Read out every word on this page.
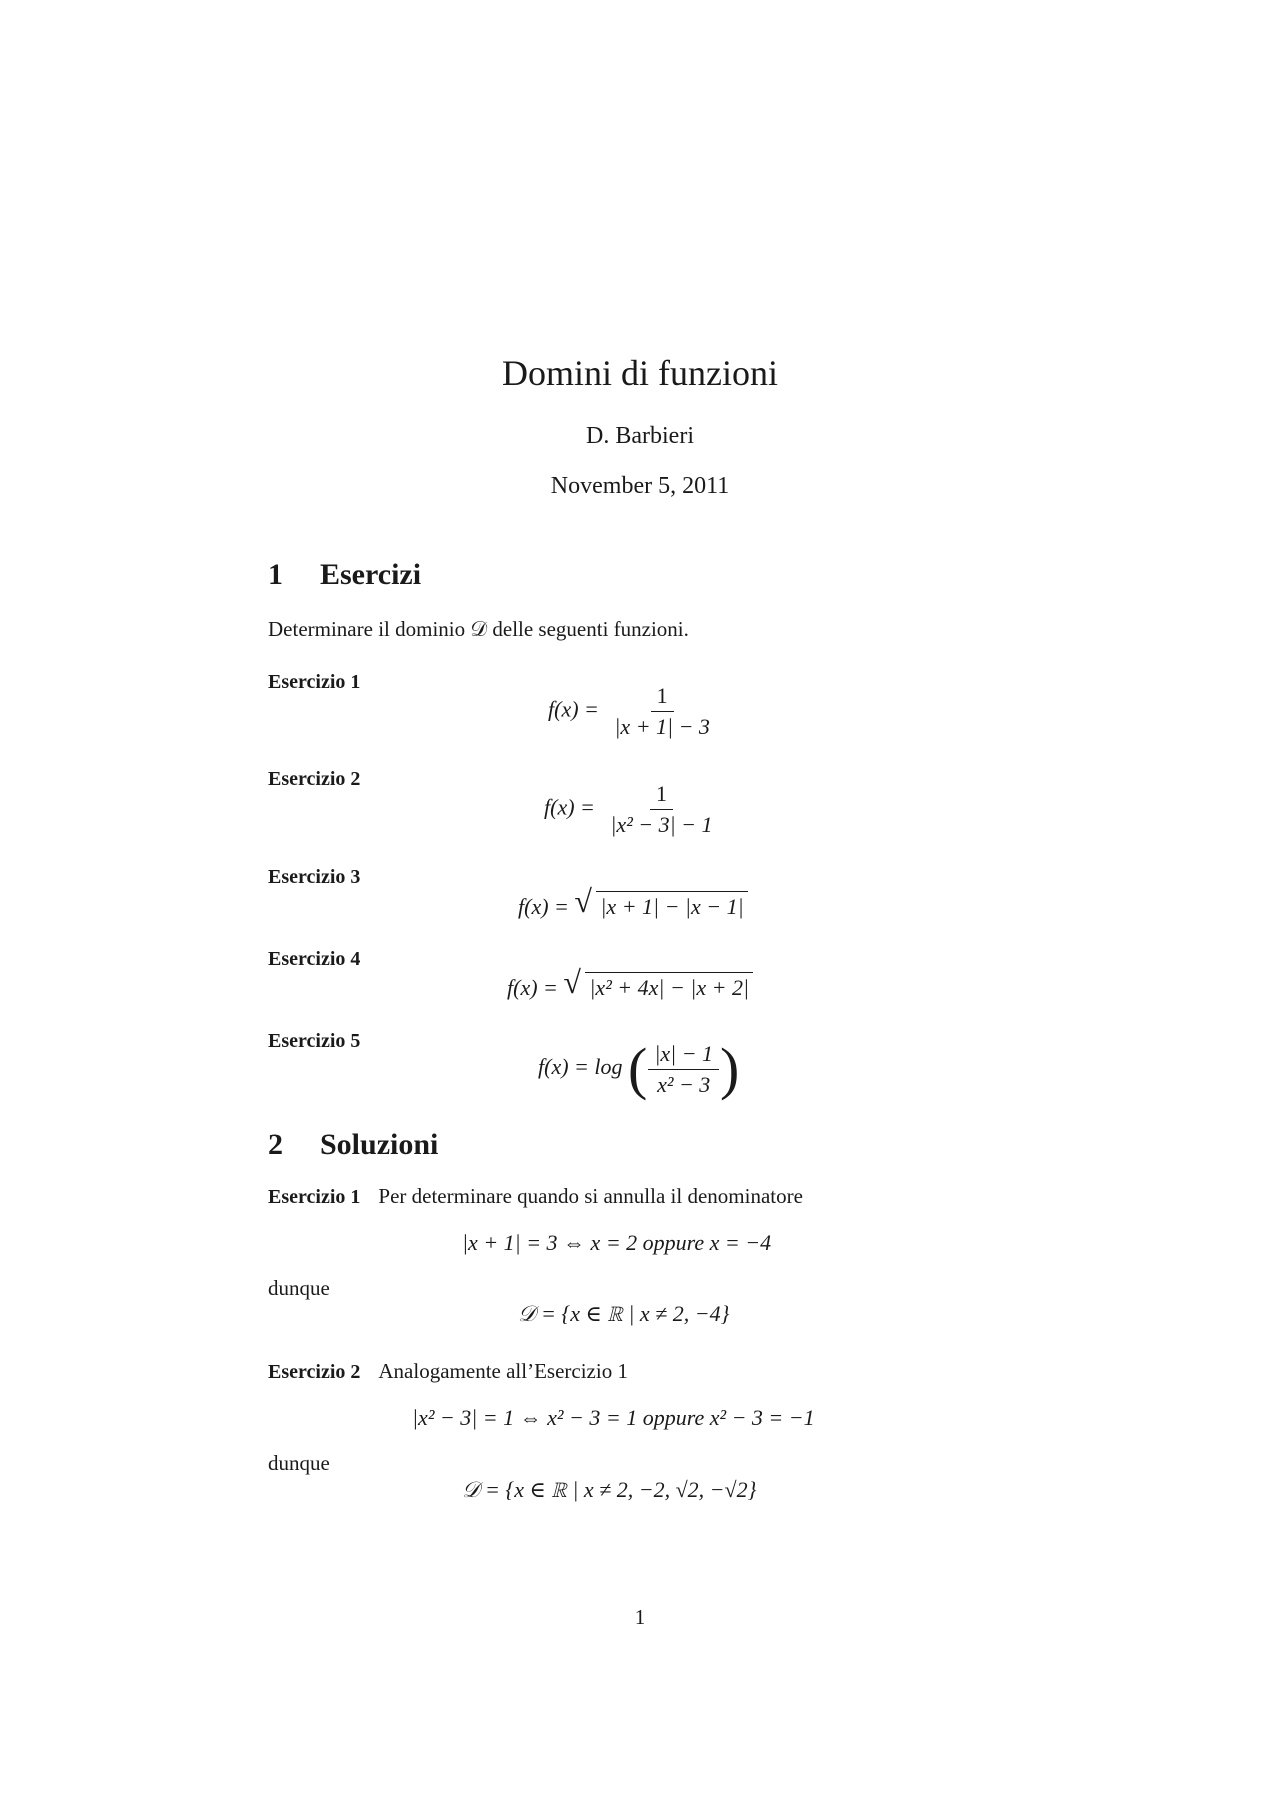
Domini di funzioni
D. Barbieri
November 5, 2011
1 Esercizi
Determinare il dominio 𝒟 delle seguenti funzioni.
Esercizio 1
$f(x) = \frac{1}{|x + 1| - 3}$
Esercizio 2
$f(x) = \frac{1}{\text{|x² − 3| − 1}}$
Esercizio 3
f(x) = √ |x + 1| − |x − 1|
Esercizio 4
f(x) = √ |x² + 4x| − |x + 2|
Esercizio 5
f(x) = log ( $\frac{|x| - 1}{\text{x² − 3}}$ )
2 Soluzioni
Esercizio 1 Per determinare quando si annulla il denominatore
|x + 1| = 3 ⇔ x = 2 oppure x = −4
dunque
𝒟 = {x ∈ ℝ | x ≠ 2, −4}
Esercizio 2 Analogamente all’Esercizio 1
|x² − 3| = 1 ⇔ x² − 3 = 1 oppure x² − 3 = −1
dunque
𝒟 = {x ∈ ℝ | x ≠ 2, −2, √2, −√2}
1
